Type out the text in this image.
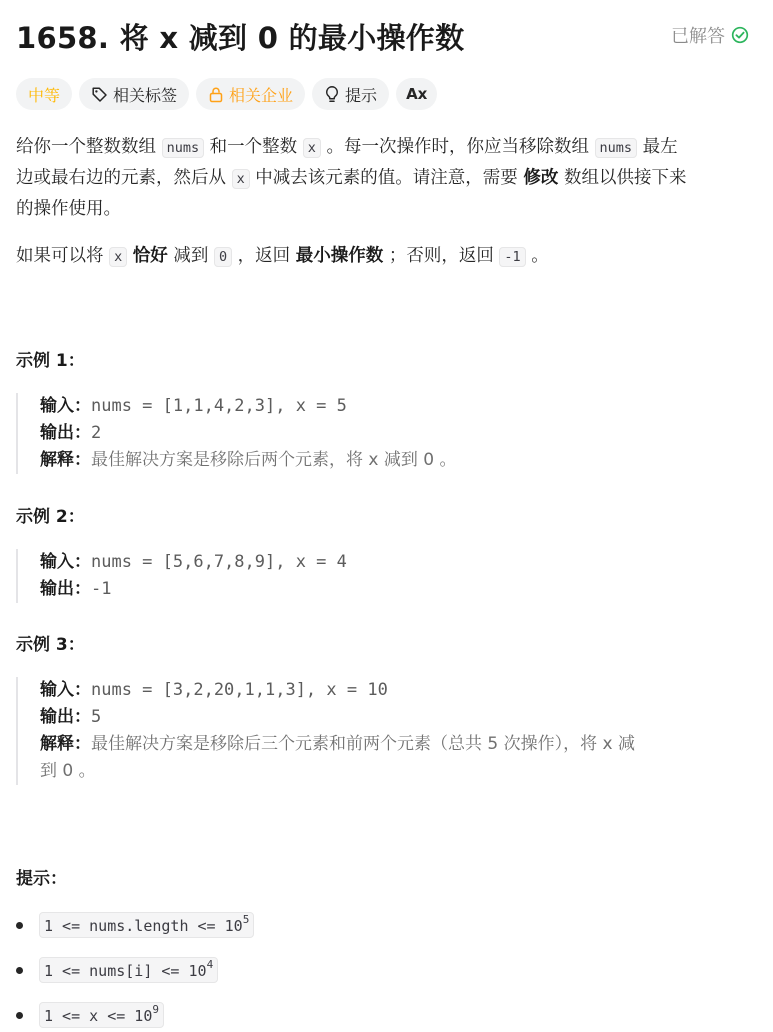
1658. 将 x 减到 0 的最小操作数	已解答
中等	相关标签	相关企业	提示 Ax
给你一个整数数组 nums 和一个整数 x 。每一次操作时，你应当移除数组 nums 最左
边或最右边的元素，然后从 x 中减去该元素的值。请注意，需要 修改 数组以供接下来
的操作使用。
如果可以将 x 恰好 减到 0 ，返回 最小操作数 ；否则，返回 -1 。
示例 1：
输入：nums = [1,1,4,2,3], x = 5
输出：2
解释：最佳解决方案是移除后两个元素，将 x 减到 0 。
示例 2：
输入：nums = [5,6,7,8,9], x = 4
输出：-1
示例 3：
输入：nums = [3,2,20,1,1,3], x = 10
输出：5
解释：最佳解决方案是移除后三个元素和前两个元素（总共 5 次操作），将 x 减
到 0 。
提示：
1 <= nums.length <= $10^5$
1 <= nums[i] <= $10^4$
$1 <= x <= 10^9$
